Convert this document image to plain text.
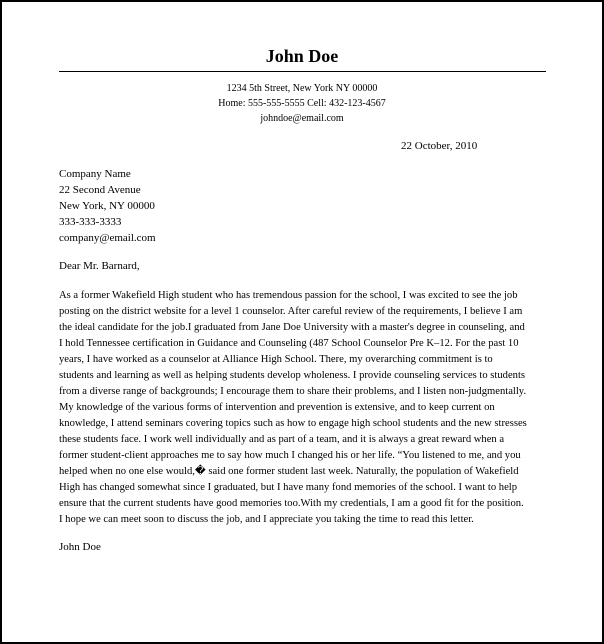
John Doe
1234 5th Street, New York NY 00000
Home: 555-555-5555 Cell: 432-123-4567
johndoe@email.com
22 October, 2010
Company Name
22 Second Avenue
New York, NY 00000
333-333-3333
company@email.com
Dear Mr. Barnard,

As a former Wakefield High student who has tremendous passion for the school, I was excited to see the job
posting on the district website for a level 1 counselor. After careful review of the requirements, I believe I am
the ideal candidate for the job.I graduated from Jane Doe University with a master's degree in counseling, and
I hold Tennessee certification in Guidance and Counseling (487 School Counselor Pre K–12. For the past 10
years, I have worked as a counselor at Alliance High School. There, my overarching commitment is to
students and learning as well as helping students develop wholeness. I provide counseling services to students
from a diverse range of backgrounds; I encourage them to share their problems, and I listen non-judgmentally.
My knowledge of the various forms of intervention and prevention is extensive, and to keep current on
knowledge, I attend seminars covering topics such as how to engage high school students and the new stresses
these students face. I work well individually and as part of a team, and it is always a great reward when a
former student-client approaches me to say how much I changed his or her life. “You listened to me, and you
helped when no one else would,� said one former student last week. Naturally, the population of Wakefield
High has changed somewhat since I graduated, but I have many fond memories of the school. I want to help
ensure that the current students have good memories too.With my credentials, I am a good fit for the position.
I hope we can meet soon to discuss the job, and I appreciate you taking the time to read this letter.

John Doe
